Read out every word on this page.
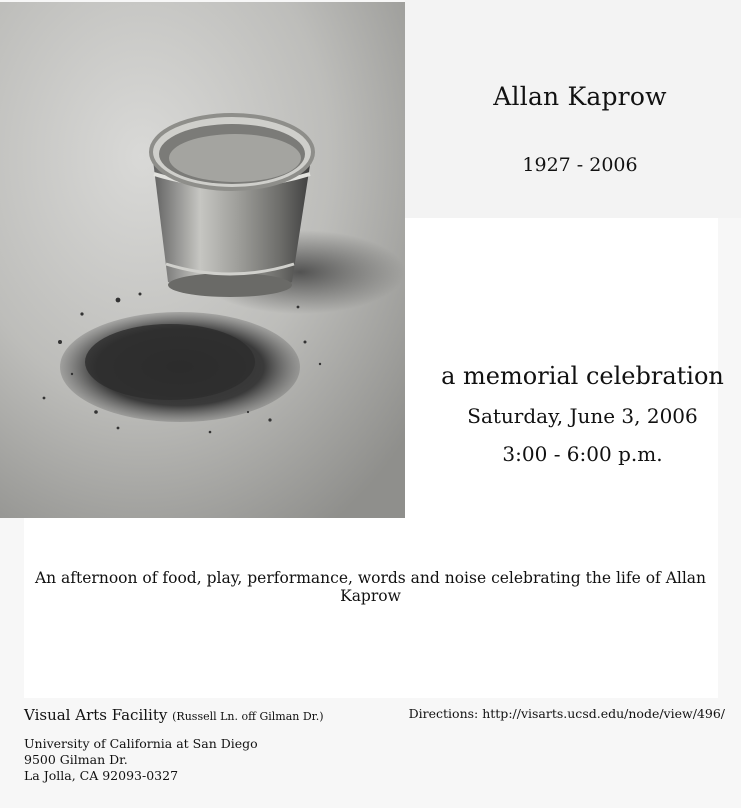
Allan Kaprow
1927 - 2006
a memorial celebration
Saturday, June 3, 2006
3:00 - 6:00 p.m.
An afternoon of food, play, performance, words and noise celebrating the life of Allan Kaprow
Visual Arts Facility (Russell Ln. off Gilman Dr.)	Directions: http://visarts.ucsd.edu/node/view/496/
University of California at San Diego
9500 Gilman Dr.
La Jolla, CA 92093-0327
